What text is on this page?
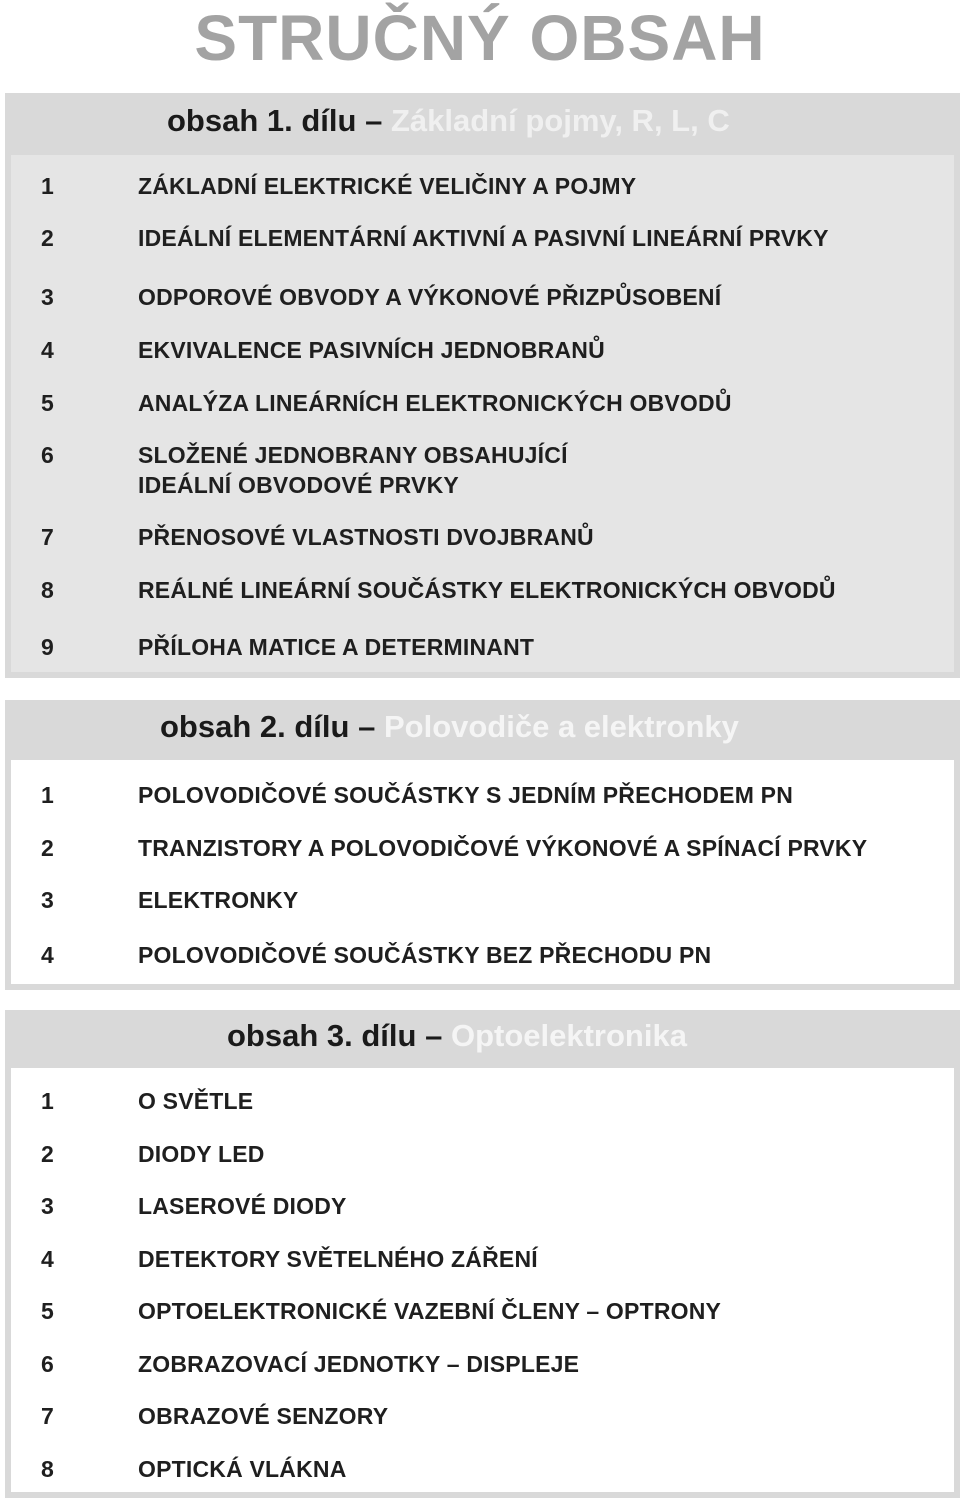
STRUČNÝ OBSAH
obsah 1. dílu – Základní pojmy, R, L, C
1	ZÁKLADNÍ ELEKTRICKÉ VELIČINY A POJMY
2	IDEÁLNÍ ELEMENTÁRNÍ AKTIVNÍ A PASIVNÍ LINEÁRNÍ PRVKY
3	ODPOROVÉ OBVODY A VÝKONOVÉ PŘIZPŮSOBENÍ
4	EKVIVALENCE PASIVNÍCH JEDNOBRANŮ
5	ANALÝZA LINEÁRNÍCH ELEKTRONICKÝCH OBVODŮ
6	SLOŽENÉ JEDNOBRANY OBSAHUJÍCÍ
IDEÁLNÍ OBVODOVÉ PRVKY
7	PŘENOSOVÉ VLASTNOSTI DVOJBRANŮ
8	REÁLNÉ LINEÁRNÍ SOUČÁSTKY ELEKTRONICKÝCH OBVODŮ
9	PŘÍLOHA MATICE A DETERMINANT
obsah 2. dílu – Polovodiče a elektronky
1	POLOVODIČOVÉ SOUČÁSTKY S JEDNÍM PŘECHODEM PN
2	TRANZISTORY A POLOVODIČOVÉ VÝKONOVÉ A SPÍNACÍ PRVKY
3	ELEKTRONKY
4	POLOVODIČOVÉ SOUČÁSTKY BEZ PŘECHODU PN
obsah 3. dílu – Optoelektronika
1	O SVĚTLE
2	DIODY LED
3	LASEROVÉ DIODY
4	DETEKTORY SVĚTELNÉHO ZÁŘENÍ
5	OPTOELEKTRONICKÉ VAZEBNÍ ČLENY – OPTRONY
6	ZOBRAZOVACÍ JEDNOTKY – DISPLEJE
7	OBRAZOVÉ SENZORY
8	OPTICKÁ VLÁKNA
